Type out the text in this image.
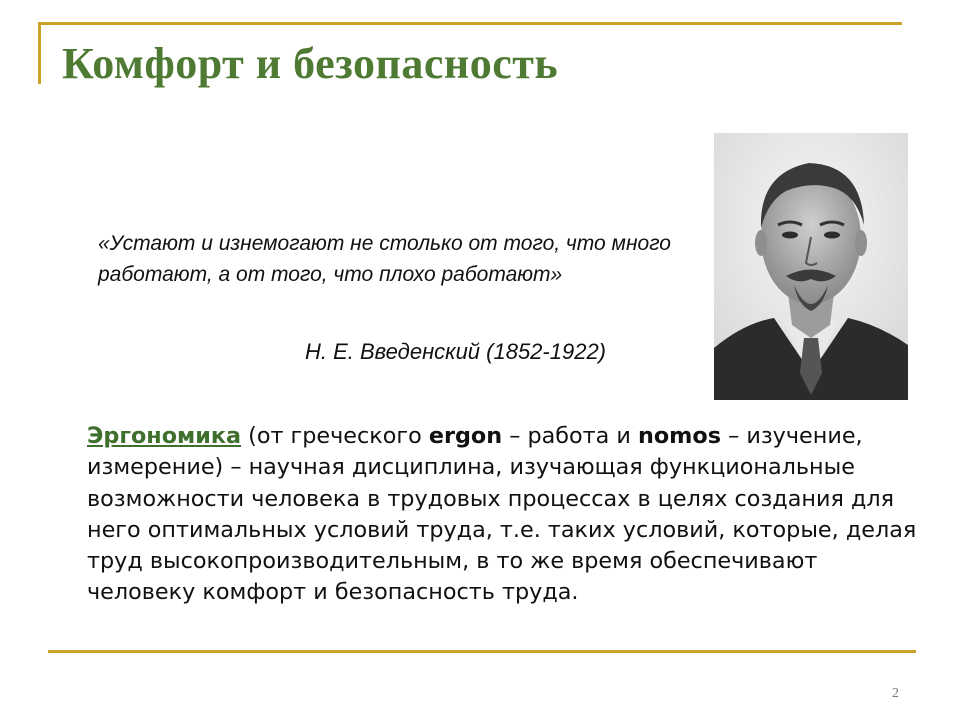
Комфорт и безопасность
«Устают и изнемогают не столько от того, что много работают, а от того, что плохо работают»
Н. Е. Введенский (1852-1922)
Эргономика (от греческого ergon – работа и nomos – изучение, измерение) – научная дисциплина, изучающая функциональные возможности человека в трудовых процессах в целях создания для него оптимальных условий труда, т.е. таких условий, которые, делая труд высокопроизводительным, в то же время обеспечивают человеку комфорт и безопасность труда.
2
